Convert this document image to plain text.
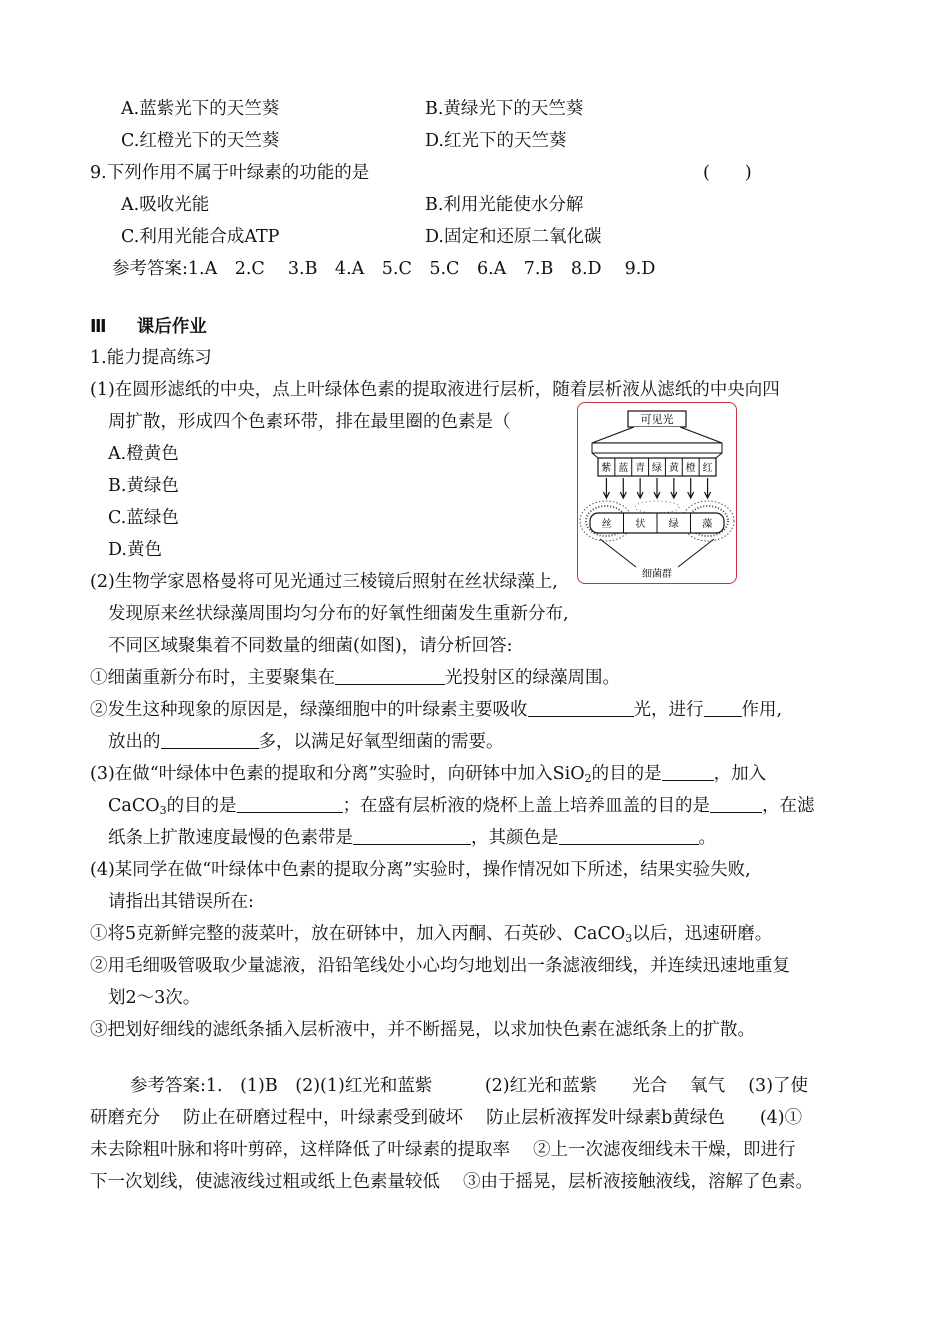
A.蓝紫光下的天竺葵	B.黄绿光下的天竺葵
C.红橙光下的天竺葵	D.红光下的天竺葵
9.下列作用不属于叶绿素的功能的是	(　　)
A.吸收光能	B.利用光能使水分解
C.利用光能合成ATP	D.固定和还原二氧化碳
参考答案:1.A　2.C　 3.B　4.A　5.C　5.C　6.A　7.B　8.D　 9.D
Ⅲ 课后作业
1.能力提高练习
(1)在圆形滤纸的中央，点上叶绿体色素的提取液进行层析，随着层析液从滤纸的中央向四
周扩散，形成四个色素环带，排在最里圈的色素是（
A.橙黄色
B.黄绿色
C.蓝绿色
D.黄色
(2)生物学家恩格曼将可见光通过三棱镜后照射在丝状绿藻上,
发现原来丝状绿藻周围均匀分布的好氧性细菌发生重新分布,
不同区域聚集着不同数量的细菌(如图)，请分析回答:
①细菌重新分布时，主要聚集在	光投射区的绿藻周围。
②发生这种现象的原因是，绿藻细胞中的叶绿素主要吸收	光，进行 作用,
放出的	多，以满足好氧型细菌的需要。
(3)在做“叶绿体中色素的提取和分离”实验时，向研钵中加入SiO$_2$的目的是	，加入
CaCO$_3$的目的是	；在盛有层析液的烧杯上盖上培养皿盖的目的是	，在滤
纸条上扩散速度最慢的色素带是	，其颜色是	。
(4)某同学在做“叶绿体中色素的提取分离”实验时，操作情况如下所述，结果实验失败,
请指出其错误所在:
①将5克新鲜完整的菠菜叶，放在研钵中，加入丙酮、石英砂、CaCO$_3$以后，迅速研磨。
②用毛细吸管吸取少量滤液，沿铅笔线处小心均匀地划出一条滤液细线，并连续迅速地重复
划2～3次。
③把划好细线的滤纸条插入层析液中，并不断摇晃，以求加快色素在滤纸条上的扩散。
参考答案:1.　(1)B　(2)(1)红光和蓝紫　　　(2)红光和蓝紫　　光合　 氧气　 (3)了使
研磨充分　 防止在研磨过程中，叶绿素受到破坏　 防止层析液挥发叶绿素b黄绿色　　(4)①
未去除粗叶脉和将叶剪碎，这样降低了叶绿素的提取率　 ②上一次滤夜细线未干燥，即进行
下一次划线，使滤液线过粗或纸上色素量较低　 ③由于摇晃，层析液接触液线，溶解了色素。
可见光
紫 蓝 青 绿 黄 橙 红
丝 状 绿 藻
细菌群
